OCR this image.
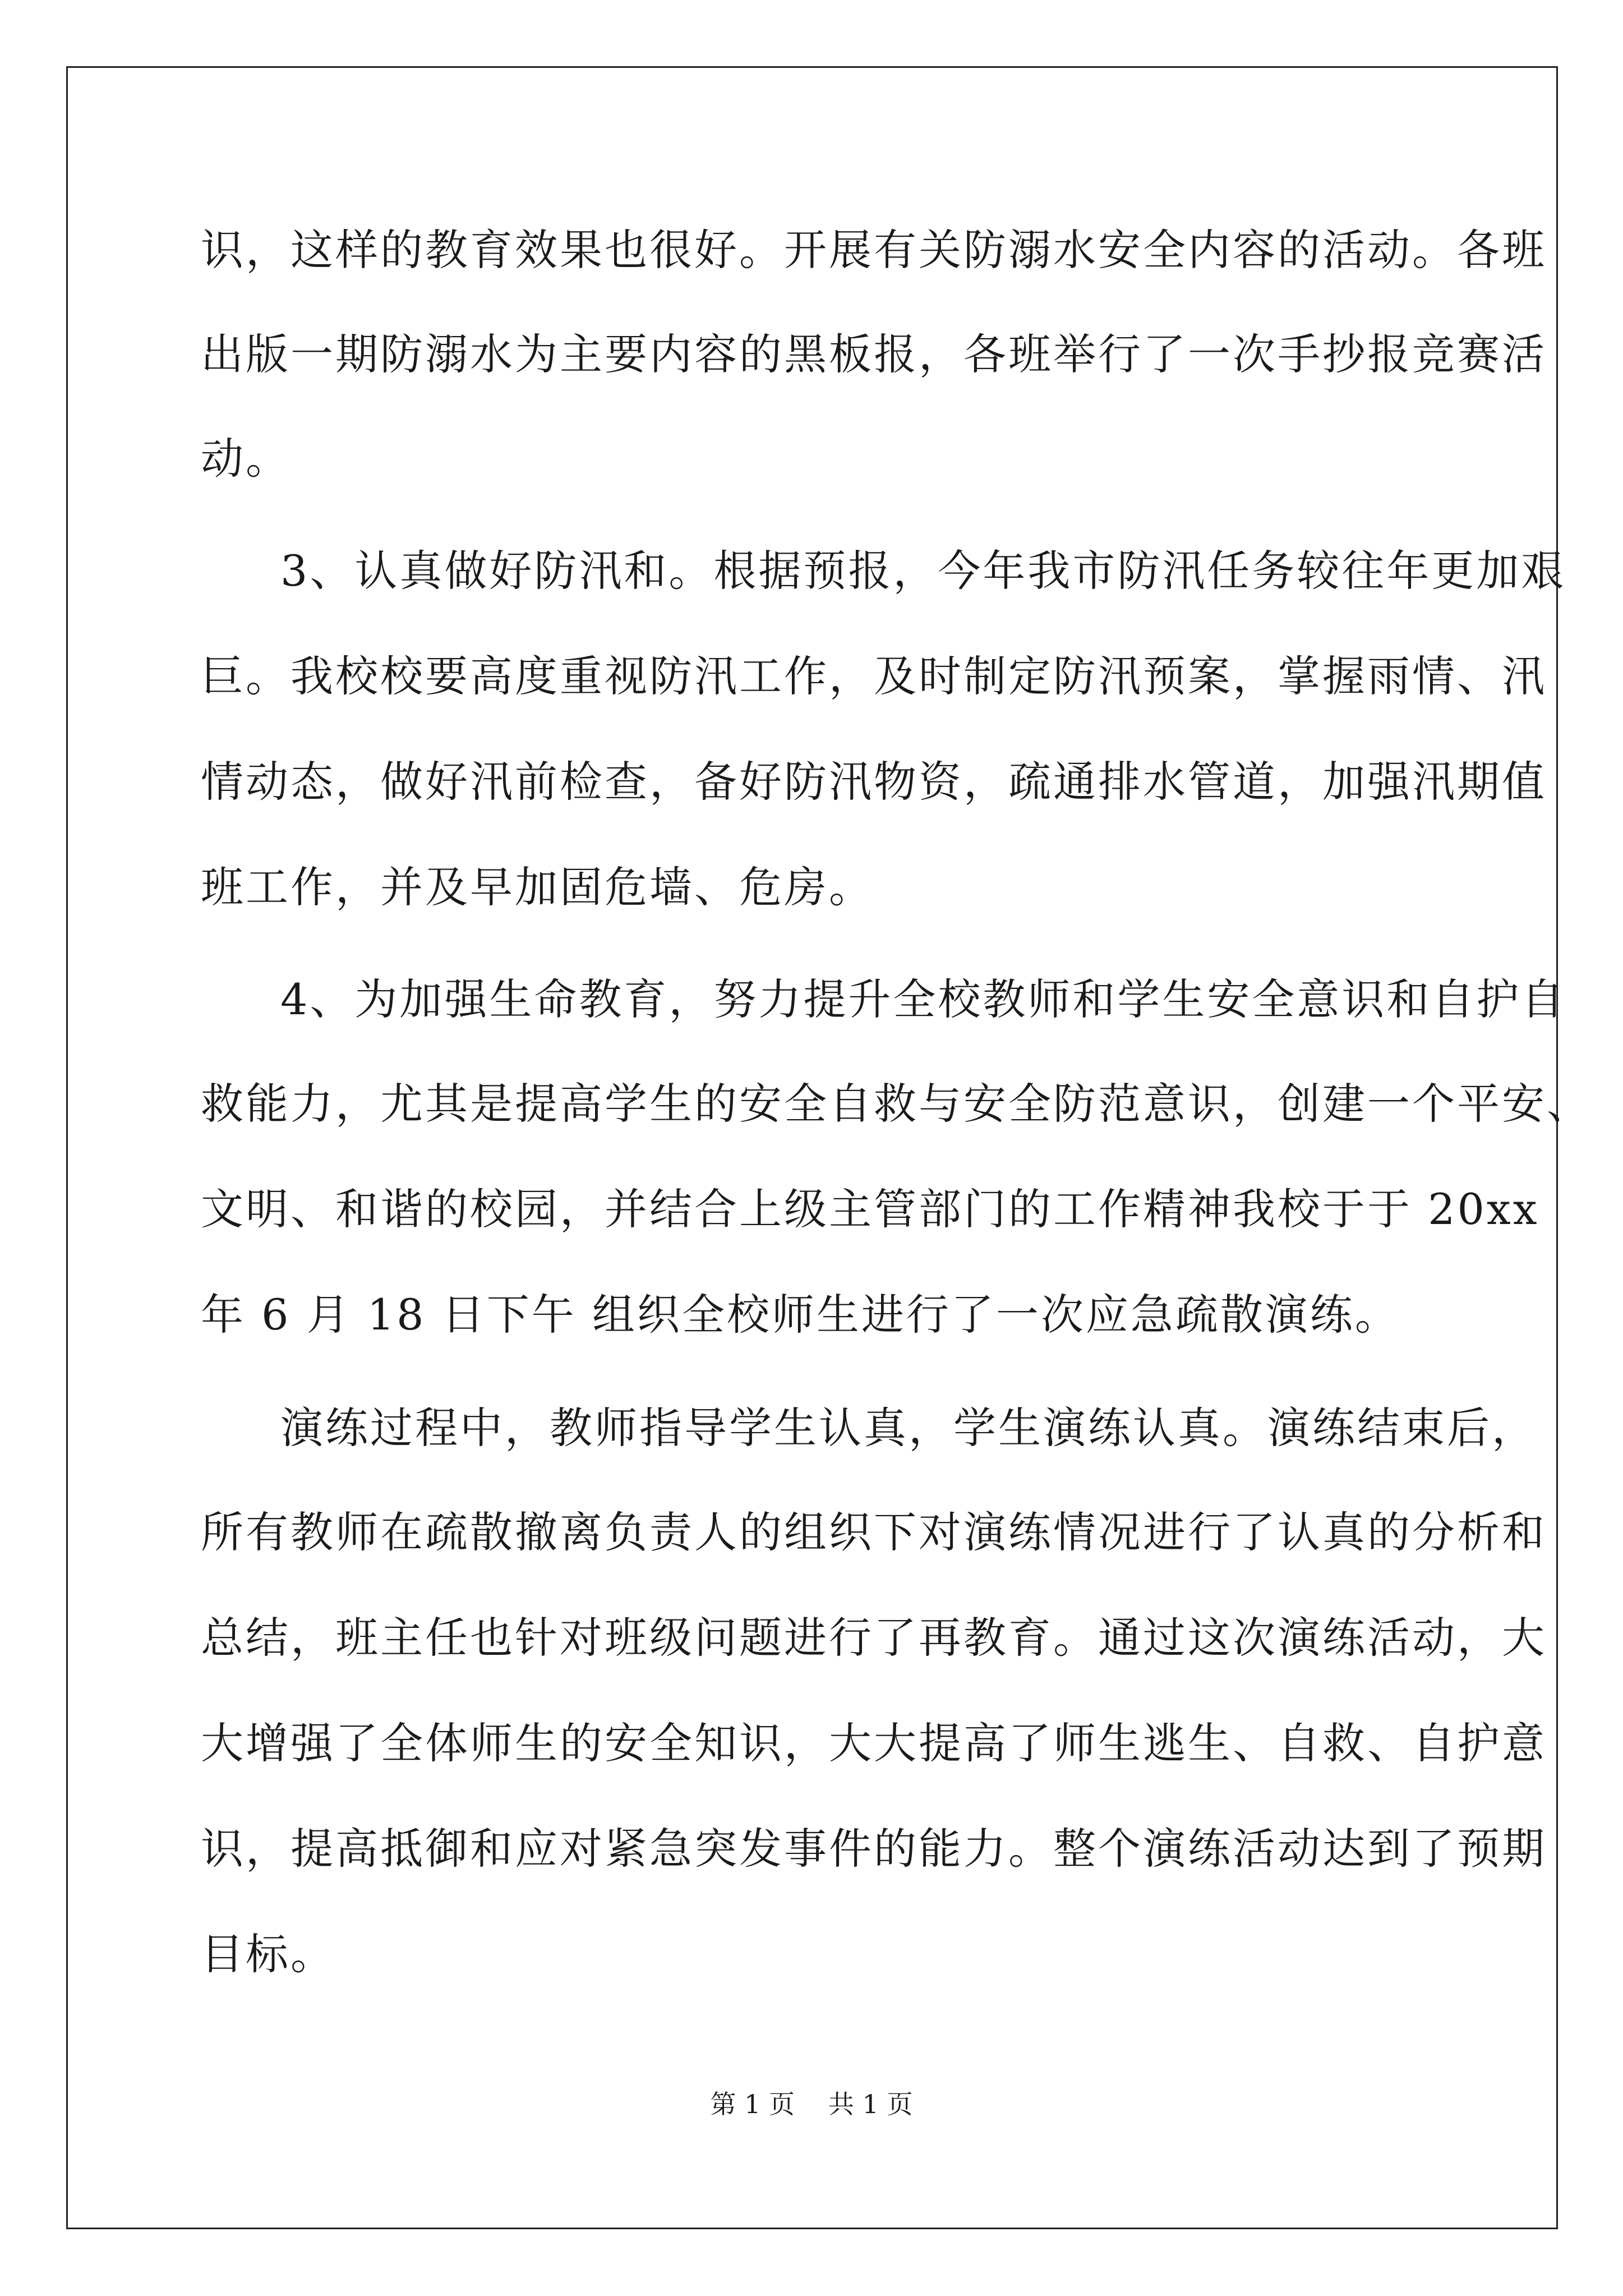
识，这样的教育效果也很好。开展有关防溺水安全内容的活动。各班
出版一期防溺水为主要内容的黑板报，各班举行了一次手抄报竞赛活
动。
3、认真做好防汛和。根据预报，今年我市防汛任务较往年更加艰
巨。我校校要高度重视防汛工作，及时制定防汛预案，掌握雨情、汛
情动态，做好汛前检查，备好防汛物资，疏通排水管道，加强汛期值
班工作，并及早加固危墙、危房。
4、为加强生命教育，努力提升全校教师和学生安全意识和自护自
救能力，尤其是提高学生的安全自救与安全防范意识，创建一个平安、
文明、和谐的校园，并结合上级主管部门的工作精神我校于于 20xx
年 6 月 18 日下午 组织全校师生进行了一次应急疏散演练。
演练过程中，教师指导学生认真，学生演练认真。演练结束后，
所有教师在疏散撤离负责人的组织下对演练情况进行了认真的分析和
总结，班主任也针对班级问题进行了再教育。通过这次演练活动，大
大增强了全体师生的安全知识，大大提高了师生逃生、自救、自护意
识，提高抵御和应对紧急突发事件的能力。整个演练活动达到了预期
目标。
第 1 页 共 1 页
